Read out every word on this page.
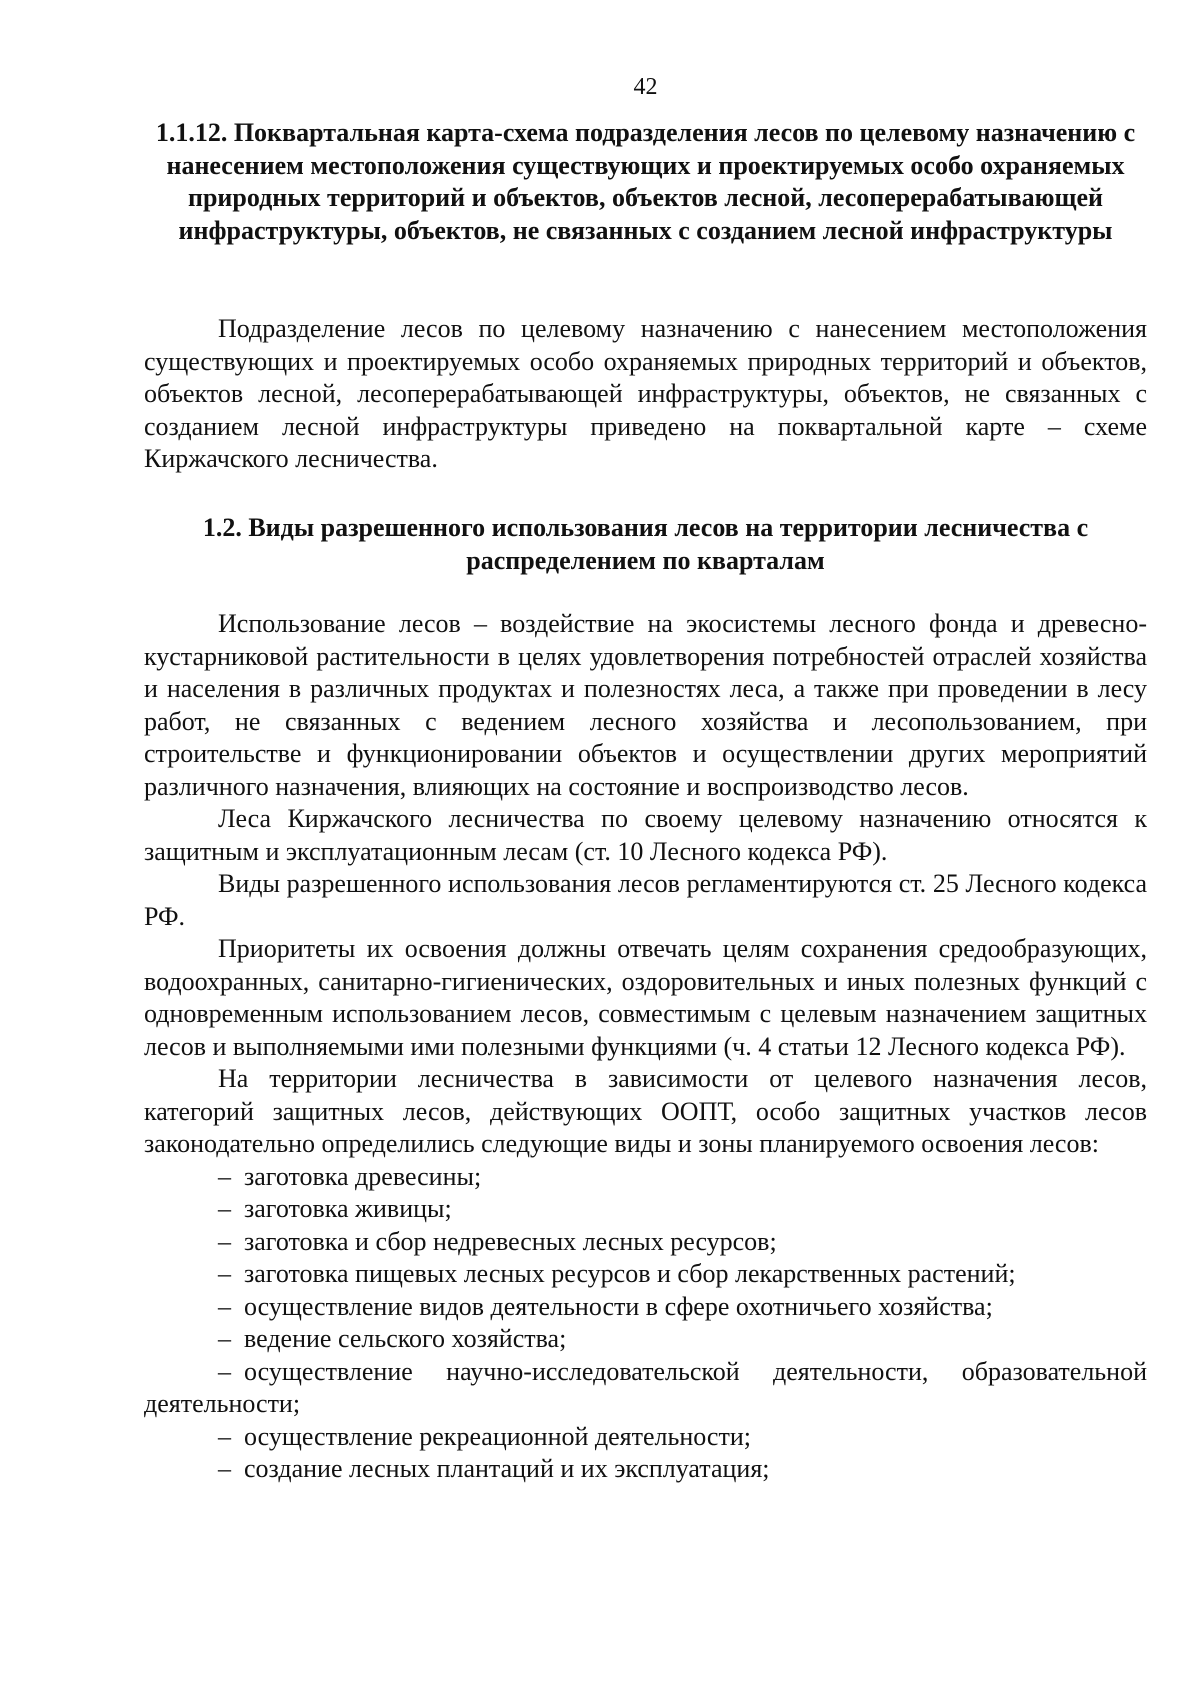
42
1.1.12. Поквартальная карта-схема подразделения лесов по целевому назначению с нанесением местоположения существующих и проектируемых особо охраняемых природных территорий и объектов, объектов лесной, лесоперерабатывающей инфраструктуры, объектов, не связанных с созданием лесной инфраструктуры

Подразделение лесов по целевому назначению с нанесением местоположения существующих и проектируемых особо охраняемых природных территорий и объектов, объектов лесной, лесоперерабатывающей инфраструктуры, объектов, не связанных с созданием лесной инфраструктуры приведено на поквартальной карте – схеме Киржачского лесничества.

1.2. Виды разрешенного использования лесов на территории лесничества с распределением по кварталам

Использование лесов – воздействие на экосистемы лесного фонда и древесно-кустарниковой растительности в целях удовлетворения потребностей отраслей хозяйства и населения в различных продуктах и полезностях леса, а также при проведении в лесу работ, не связанных с ведением лесного хозяйства и лесопользованием, при строительстве и функционировании объектов и осуществлении других мероприятий различного назначения, влияющих на состояние и воспроизводство лесов.

Леса Киржачского лесничества по своему целевому назначению относятся к защитным и эксплуатационным лесам (ст. 10 Лесного кодекса РФ).

Виды разрешенного использования лесов регламентируются ст. 25 Лесного кодекса РФ.

Приоритеты их освоения должны отвечать целям сохранения средообразующих, водоохранных, санитарно-гигиенических, оздоровительных и иных полезных функций с одновременным использованием лесов, совместимым с целевым назначением защитных лесов и выполняемыми ими полезными функциями (ч. 4 статьи 12 Лесного кодекса РФ).

На территории лесничества в зависимости от целевого назначения лесов, категорий защитных лесов, действующих ООПТ, особо защитных участков лесов законодательно определились следующие виды и зоны планируемого освоения лесов:

– заготовка древесины;

– заготовка живицы;

– заготовка и сбор недревесных лесных ресурсов;

– заготовка пищевых лесных ресурсов и сбор лекарственных растений;

– осуществление видов деятельности в сфере охотничьего хозяйства;

– ведение сельского хозяйства;

– осуществление научно-исследовательской деятельности, образовательной деятельности;

– осуществление рекреационной деятельности;

– создание лесных плантаций и их эксплуатация;
